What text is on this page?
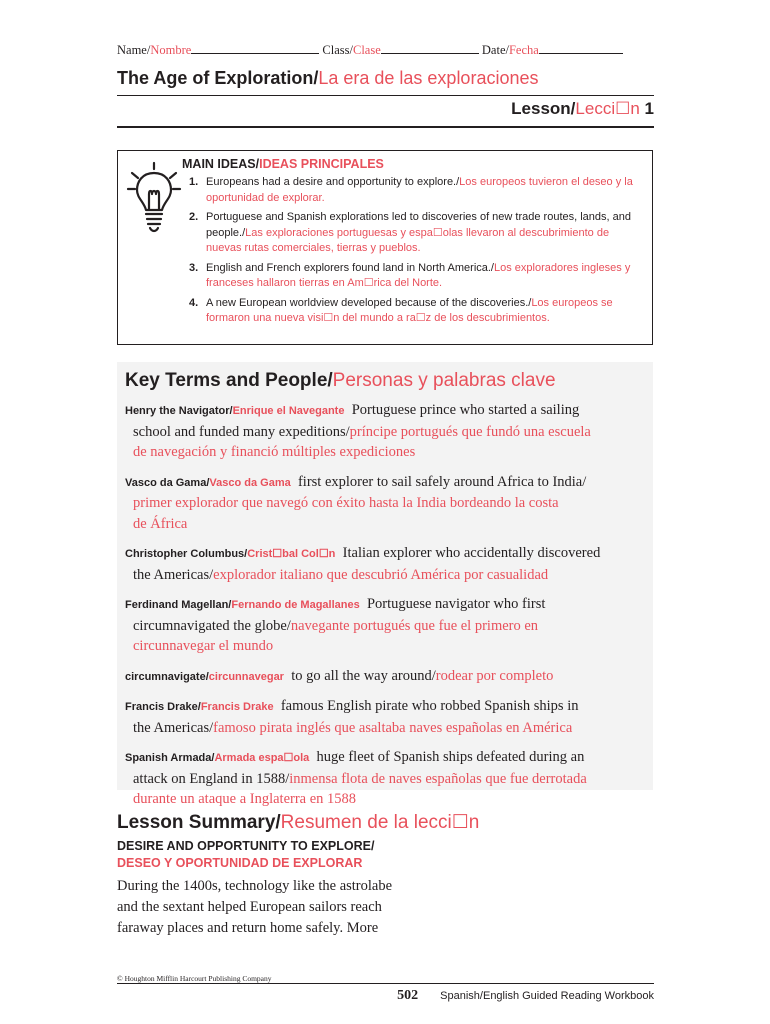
Name/Nombre	Class/Clase	Date/Fecha
The Age of Exploration/La era de las exploraciones
Lesson/Lecci☐n 1
MAIN IDEAS/IDEAS PRINCIPALES
1. Europeans had a desire and opportunity to explore./Los europeos tuvieron el deseo y la oportunidad de explorar.
2. Portuguese and Spanish explorations led to discoveries of new trade routes, lands, and people./Las exploraciones portuguesas y espa☐olas llevaron al descubrimiento de nuevas rutas comerciales, tierras y pueblos.
3. English and French explorers found land in North America./Los exploradores ingleses y franceses hallaron tierras en Am☐rica del Norte.
4. A new European worldview developed because of the discoveries./Los europeos se formaron una nueva visi☐n del mundo a ra☐z de los descubrimientos.
Key Terms and People/Personas y palabras clave
Henry the Navigator/Enrique el Navegante  Portuguese prince who started a sailing
school and funded many expeditions/príncipe portugués que fundó una escuela
de navegación y financió múltiples expediciones
Vasco da Gama/Vasco da Gama  first explorer to sail safely around Africa to India/
primer explorador que navegó con éxito hasta la India bordeando la costa
de África
Christopher Columbus/Crist☐bal Col☐n  Italian explorer who accidentally discovered
the Americas/explorador italiano que descubrió América por casualidad
Ferdinand Magellan/Fernando de Magallanes  Portuguese navigator who first
circumnavigated the globe/navegante portugués que fue el primero en
circunnavegar el mundo
circumnavigate/circunnavegar  to go all the way around/rodear por completo
Francis Drake/Francis Drake  famous English pirate who robbed Spanish ships in
the Americas/famoso pirata inglés que asaltaba naves españolas en América
Spanish Armada/Armada espa☐ola  huge fleet of Spanish ships defeated during an
attack on England in 1588/inmensa flota de naves españolas que fue derrotada
durante un ataque a Inglaterra en 1588
Lesson Summary/Resumen de la lecci☐n
DESIRE AND OPPORTUNITY TO EXPLORE/
DESEO Y OPORTUNIDAD DE EXPLORAR
During the 1400s, technology like the astrolabe
and the sextant helped European sailors reach
faraway places and return home safely. More
© Houghton Mifflin Harcourt Publishing Company
502 Spanish/English Guided Reading Workbook
